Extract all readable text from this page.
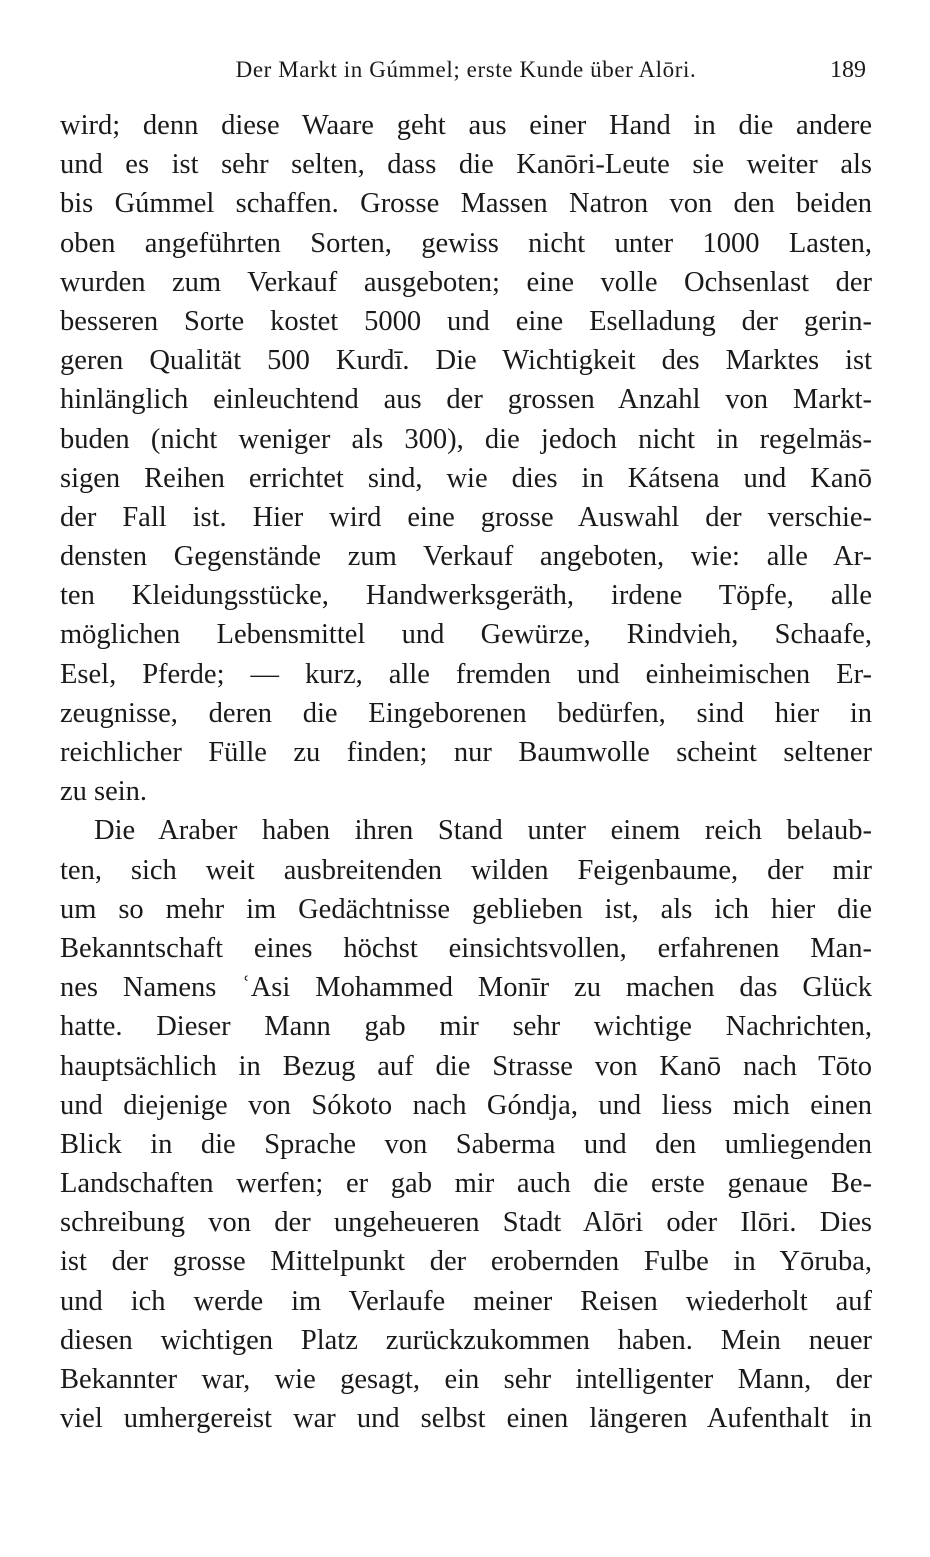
Der Markt in Gúmmel; erste Kunde über Alōri.	189
wird; denn diese Waare geht aus einer Hand in die andere
und es ist sehr selten, dass die Kanōri-Leute sie weiter als
bis Gúmmel schaffen. Grosse Massen Natron von den beiden
oben angeführten Sorten, gewiss nicht unter 1000 Lasten,
wurden zum Verkauf ausgeboten; eine volle Ochsenlast der
besseren Sorte kostet 5000 und eine Eselladung der gerin-
geren Qualität 500 Kurdī. Die Wichtigkeit des Marktes ist
hinlänglich einleuchtend aus der grossen Anzahl von Markt-
buden (nicht weniger als 300), die jedoch nicht in regelmäs-
sigen Reihen errichtet sind, wie dies in Kátsena und Kanō
der Fall ist. Hier wird eine grosse Auswahl der verschie-
densten Gegenstände zum Verkauf angeboten, wie: alle Ar-
ten Kleidungsstücke, Handwerksgeräth, irdene Töpfe, alle
möglichen Lebensmittel und Gewürze, Rindvieh, Schaafe,
Esel, Pferde; — kurz, alle fremden und einheimischen Er-
zeugnisse, deren die Eingeborenen bedürfen, sind hier in
reichlicher Fülle zu finden; nur Baumwolle scheint seltener
zu sein.
Die Araber haben ihren Stand unter einem reich belaub-
ten, sich weit ausbreitenden wilden Feigenbaume, der mir
um so mehr im Gedächtnisse geblieben ist, als ich hier die
Bekanntschaft eines höchst einsichtsvollen, erfahrenen Man-
nes Namens ʿAsi Mohammed Monīr zu machen das Glück
hatte. Dieser Mann gab mir sehr wichtige Nachrichten,
hauptsächlich in Bezug auf die Strasse von Kanō nach Tōto
und diejenige von Sókoto nach Góndja, und liess mich einen
Blick in die Sprache von Saberma und den umliegenden
Landschaften werfen; er gab mir auch die erste genaue Be-
schreibung von der ungeheueren Stadt Alōri oder Ilōri. Dies
ist der grosse Mittelpunkt der erobernden Fulbe in Yōruba,
und ich werde im Verlaufe meiner Reisen wiederholt auf
diesen wichtigen Platz zurückzukommen haben. Mein neuer
Bekannter war, wie gesagt, ein sehr intelligenter Mann, der
viel umhergereist war und selbst einen längeren Aufenthalt in
